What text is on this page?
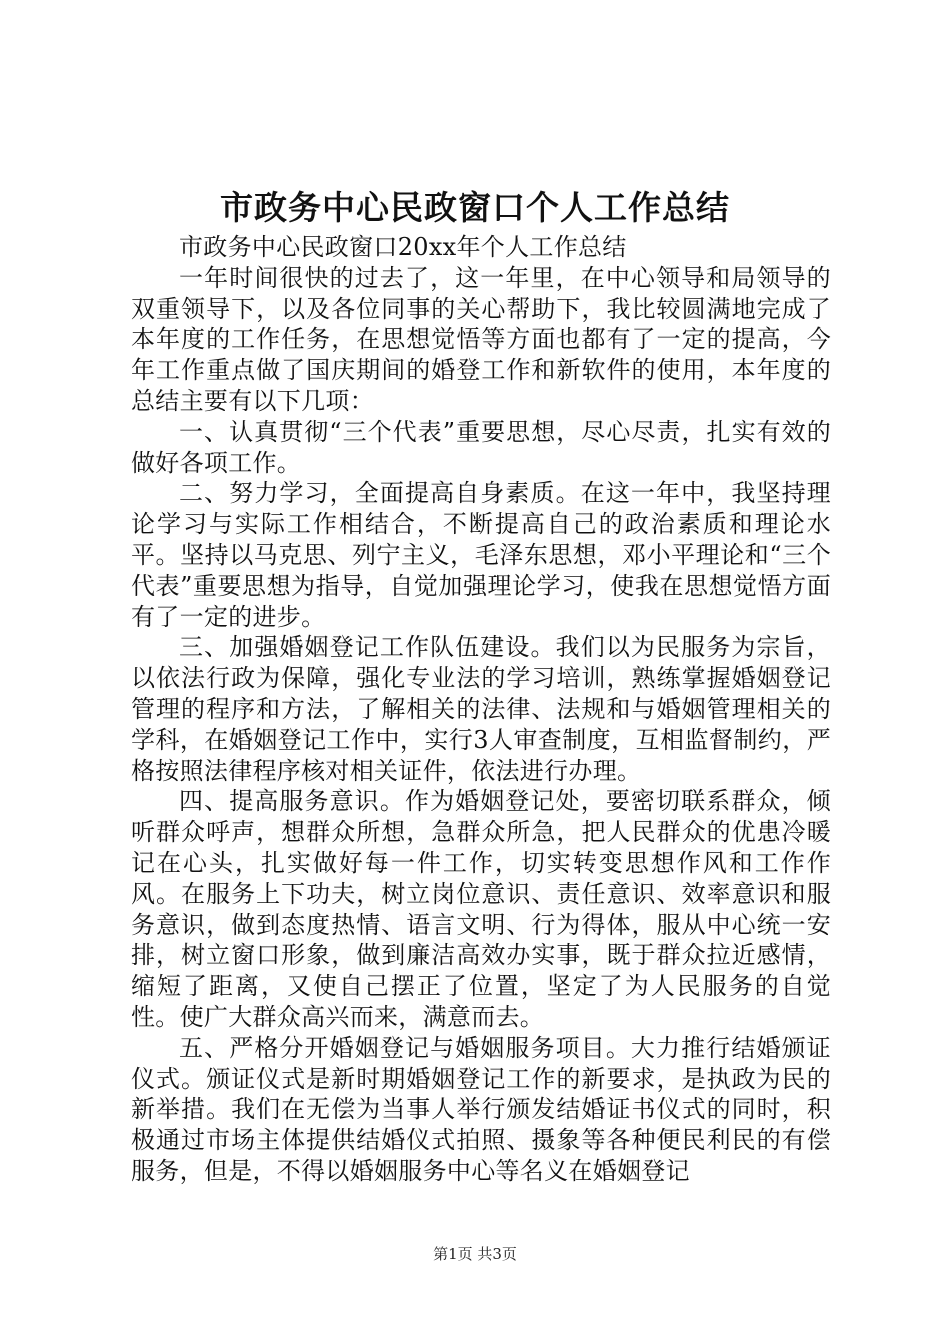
市政务中心民政窗口个人工作总结

市政务中心民政窗口20xx年个人工作总结

一年时间很快的过去了，这一年里，在中心领导和局领导的双重领导下，以及各位同事的关心帮助下，我比较圆满地完成了本年度的工作任务，在思想觉悟等方面也都有了一定的提高，今年工作重点做了国庆期间的婚登工作和新软件的使用，本年度的总结主要有以下几项：

一、认真贯彻“三个代表”重要思想，尽心尽责，扎实有效的做好各项工作。

二、努力学习，全面提高自身素质。在这一年中，我坚持理论学习与实际工作相结合，不断提高自己的政治素质和理论水平。坚持以马克思、列宁主义，毛泽东思想，邓小平理论和“三个代表”重要思想为指导，自觉加强理论学习，使我在思想觉悟方面有了一定的进步。

三、加强婚姻登记工作队伍建设。我们以为民服务为宗旨，以依法行政为保障，强化专业法的学习培训，熟练掌握婚姻登记管理的程序和方法，了解相关的法律、法规和与婚姻管理相关的学科，在婚姻登记工作中，实行3人审查制度，互相监督制约，严格按照法律程序核对相关证件，依法进行办理。

四、提高服务意识。作为婚姻登记处，要密切联系群众，倾听群众呼声，想群众所想，急群众所急，把人民群众的优患冷暖记在心头，扎实做好每一件工作，切实转变思想作风和工作作风。在服务上下功夫，树立岗位意识、责任意识、效率意识和服务意识，做到态度热情、语言文明、行为得体，服从中心统一安排，树立窗口形象，做到廉洁高效办实事，既于群众拉近感情，缩短了距离，又使自己摆正了位置，坚定了为人民服务的自觉性。使广大群众高兴而来，满意而去。

五、严格分开婚姻登记与婚姻服务项目。大力推行结婚颁证仪式。颁证仪式是新时期婚姻登记工作的新要求，是执政为民的新举措。我们在无偿为当事人举行颁发结婚证书仪式的同时，积极通过市场主体提供结婚仪式拍照、摄象等各种便民利民的有偿服务，但是，不得以婚姻服务中心等名义在婚姻登记

第1页 共3页
